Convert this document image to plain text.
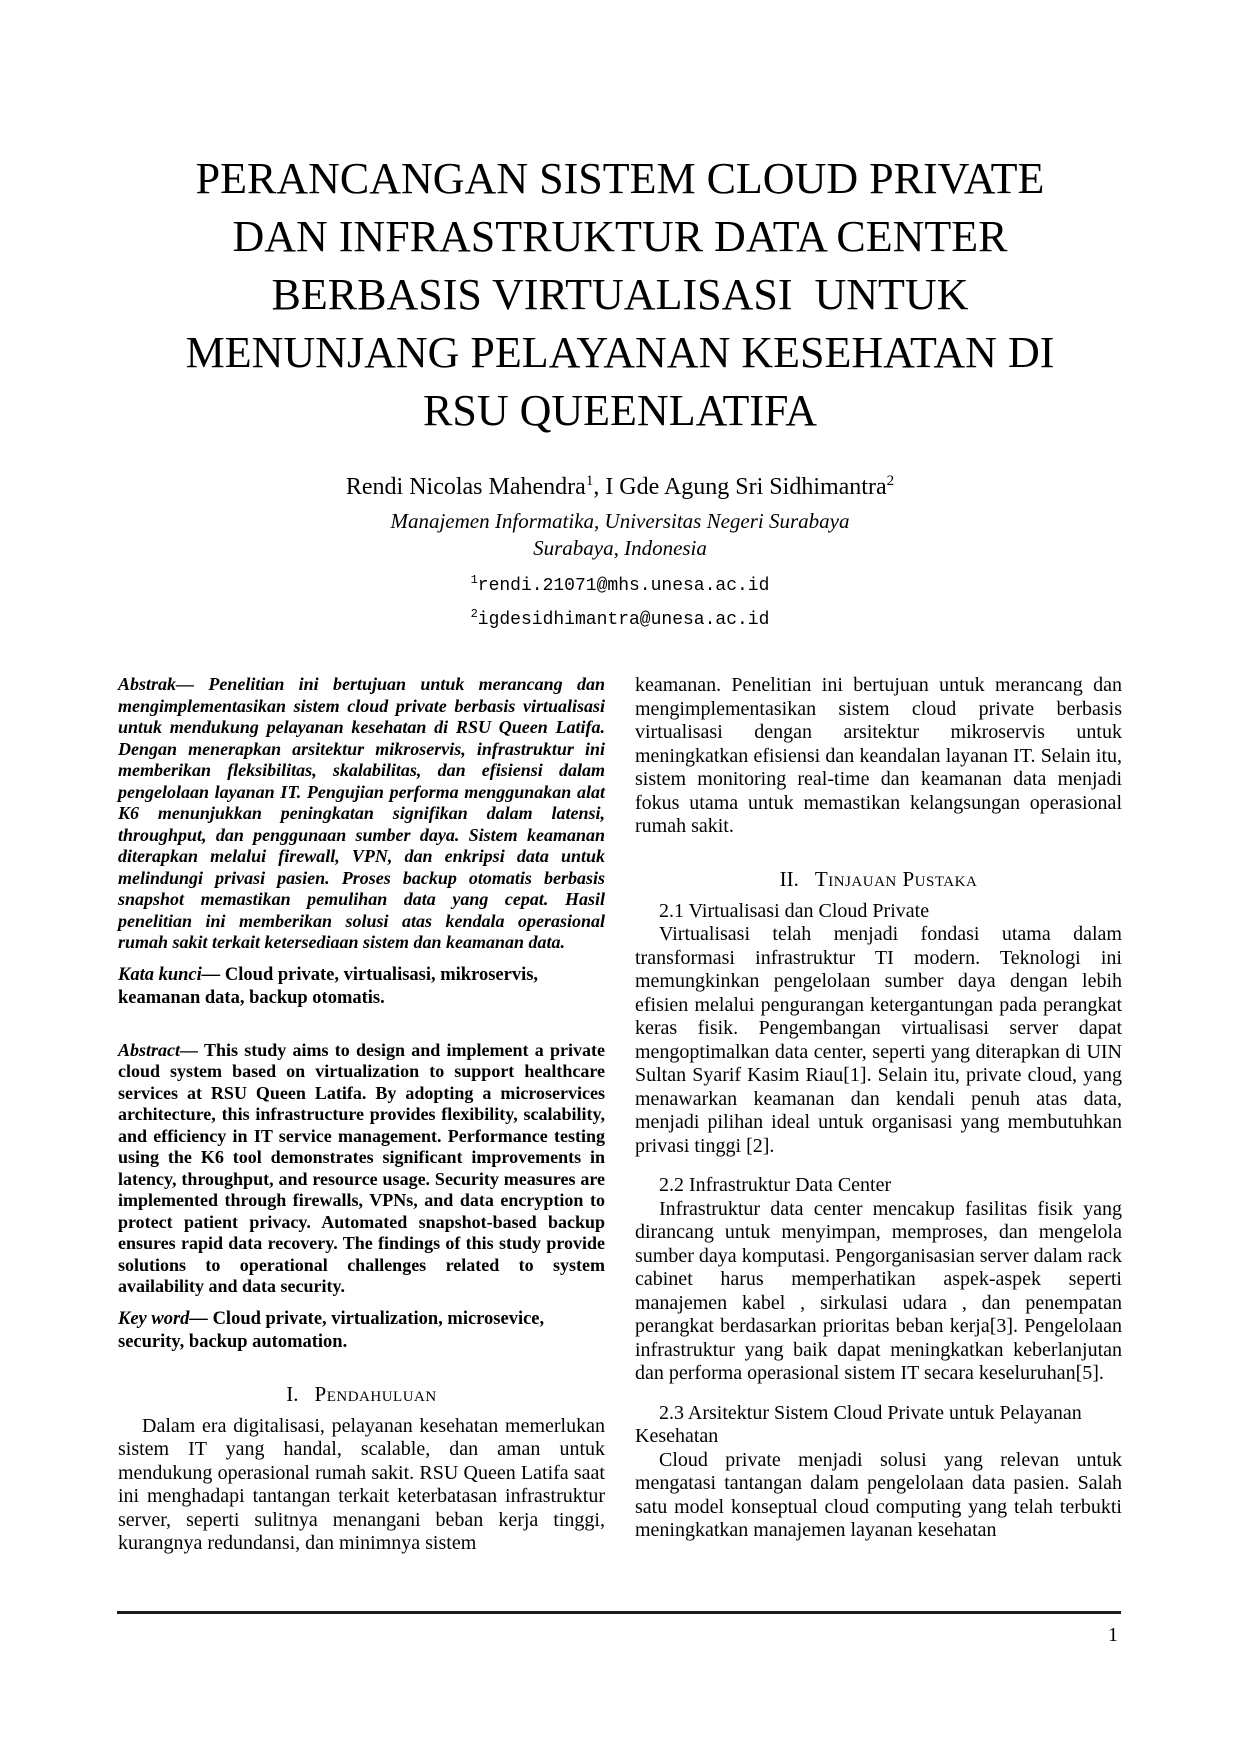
PERANCANGAN SISTEM CLOUD PRIVATE
DAN INFRASTRUKTUR DATA CENTER
BERBASIS VIRTUALISASI  UNTUK
MENUNJANG PELAYANAN KESEHATAN DI
RSU QUEENLATIFA
Rendi Nicolas Mahendra$^1$, I Gde Agung Sri Sidhimantra$^2$
Manajemen Informatika, Universitas Negeri Surabaya
Surabaya, Indonesia
$^1$rendi.21071@mhs.unesa.ac.id
$^2$igdesidhimantra@unesa.ac.id

Abstrak— Penelitian ini bertujuan untuk merancang dan mengimplementasikan sistem cloud private berbasis virtualisasi untuk mendukung pelayanan kesehatan di RSU Queen Latifa. Dengan menerapkan arsitektur mikroservis, infrastruktur ini memberikan fleksibilitas, skalabilitas, dan efisiensi dalam pengelolaan layanan IT. Pengujian performa menggunakan alat K6 menunjukkan peningkatan signifikan dalam latensi, throughput, dan penggunaan sumber daya. Sistem keamanan diterapkan melalui firewall, VPN, dan enkripsi data untuk melindungi privasi pasien. Proses backup otomatis berbasis snapshot memastikan pemulihan data yang cepat. Hasil penelitian ini memberikan solusi atas kendala operasional rumah sakit terkait ketersediaan sistem dan keamanan data.

Kata kunci— Cloud private, virtualisasi, mikroservis, keamanan data, backup otomatis.

Abstract— This study aims to design and implement a private cloud system based on virtualization to support healthcare services at RSU Queen Latifa. By adopting a microservices architecture, this infrastructure provides flexibility, scalability, and efficiency in IT service management. Performance testing using the K6 tool demonstrates significant improvements in latency, throughput, and resource usage. Security measures are implemented through firewalls, VPNs, and data encryption to protect patient privacy. Automated snapshot-based backup ensures rapid data recovery. The findings of this study provide solutions to operational challenges related to system availability and data security.

Key word— Cloud private, virtualization, microsevice, security, backup automation.

I. Pendahuluan

Dalam era digitalisasi, pelayanan kesehatan memerlukan sistem IT yang handal, scalable, dan aman untuk mendukung operasional rumah sakit. RSU Queen Latifa saat ini menghadapi tantangan terkait keterbatasan infrastruktur server, seperti sulitnya menangani beban kerja tinggi, kurangnya redundansi, dan minimnya sistem

keamanan. Penelitian ini bertujuan untuk merancang dan mengimplementasikan sistem cloud private berbasis virtualisasi dengan arsitektur mikroservis untuk meningkatkan efisiensi dan keandalan layanan IT. Selain itu, sistem monitoring real-time dan keamanan data menjadi fokus utama untuk memastikan kelangsungan operasional rumah sakit.

II. Tinjauan Pustaka

2.1 Virtualisasi dan Cloud Private

Virtualisasi telah menjadi fondasi utama dalam transformasi infrastruktur TI modern. Teknologi ini memungkinkan pengelolaan sumber daya dengan lebih efisien melalui pengurangan ketergantungan pada perangkat keras fisik. Pengembangan virtualisasi server dapat mengoptimalkan data center, seperti yang diterapkan di UIN Sultan Syarif Kasim Riau[1]. Selain itu, private cloud, yang menawarkan keamanan dan kendali penuh atas data, menjadi pilihan ideal untuk organisasi yang membutuhkan privasi tinggi [2].

2.2 Infrastruktur Data Center

Infrastruktur data center mencakup fasilitas fisik yang dirancang untuk menyimpan, memproses, dan mengelola sumber daya komputasi. Pengorganisasian server dalam rack cabinet harus memperhatikan aspek-aspek seperti manajemen kabel , sirkulasi udara , dan penempatan perangkat berdasarkan prioritas beban kerja[3]. Pengelolaan infrastruktur yang baik dapat meningkatkan keberlanjutan dan performa operasional sistem IT secara keseluruhan[5].

2.3 Arsitektur Sistem Cloud Private untuk Pelayanan Kesehatan

Cloud private menjadi solusi yang relevan untuk mengatasi tantangan dalam pengelolaan data pasien. Salah satu model konseptual cloud computing yang telah terbukti meningkatkan manajemen layanan kesehatan

1
